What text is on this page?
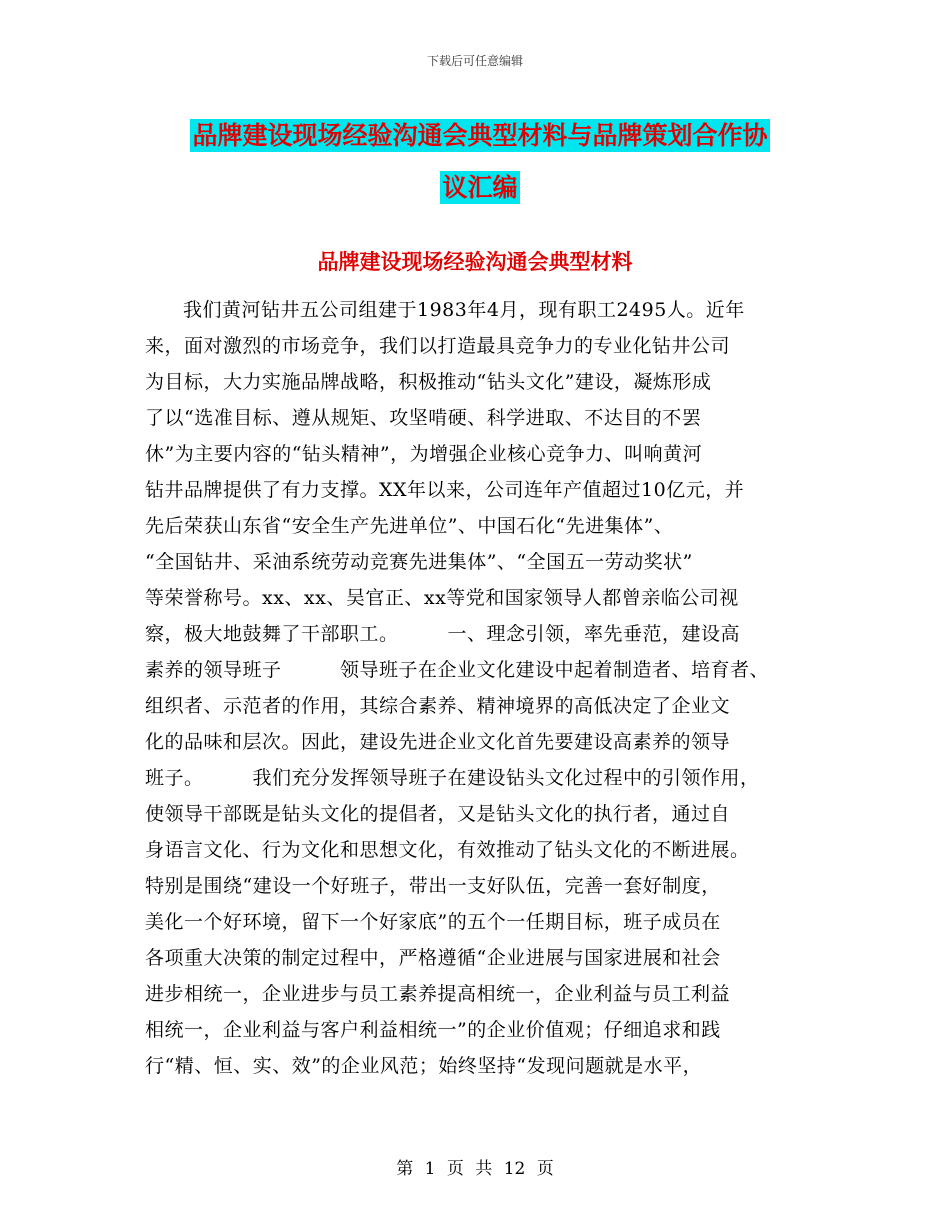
下载后可任意编辑
品牌建设现场经验沟通会典型材料与品牌策划合作协
议汇编
品牌建设现场经验沟通会典型材料
我们黄河钻井五公司组建于1983年4月，现有职工2495人。近年
来，面对激烈的市场竞争，我们以打造最具竞争力的专业化钻井公司
为目标，大力实施品牌战略，积极推动“钻头文化”建设，凝炼形成
了以“选准目标、遵从规矩、攻坚啃硬、科学进取、不达目的不罢
休”为主要内容的“钻头精神”，为增强企业核心竞争力、叫响黄河
钻井品牌提供了有力支撑。XX年以来，公司连年产值超过10亿元，并
先后荣获山东省“安全生产先进单位”、中国石化“先进集体”、
“全国钻井、采油系统劳动竞赛先进集体”、“全国五一劳动奖状”
等荣誉称号。xx、xx、吴官正、xx等党和国家领导人都曾亲临公司视
察，极大地鼓舞了干部职工。　　　一、理念引领，率先垂范，建设高
素养的领导班子　　　领导班子在企业文化建设中起着制造者、培育者、
组织者、示范者的作用，其综合素养、精神境界的高低决定了企业文
化的品味和层次。因此，建设先进企业文化首先要建设高素养的领导
班子。　　　我们充分发挥领导班子在建设钻头文化过程中的引领作用，
使领导干部既是钻头文化的提倡者，又是钻头文化的执行者，通过自
身语言文化、行为文化和思想文化，有效推动了钻头文化的不断进展。
特别是围绕“建设一个好班子，带出一支好队伍，完善一套好制度，
美化一个好环境，留下一个好家底”的五个一任期目标，班子成员在
各项重大决策的制定过程中，严格遵循“企业进展与国家进展和社会
进步相统一，企业进步与员工素养提高相统一，企业利益与员工利益
相统一，企业利益与客户利益相统一”的企业价值观；仔细追求和践
行“精、恒、实、效”的企业风范；始终坚持“发现问题就是水平，
第 1 页 共 12 页
